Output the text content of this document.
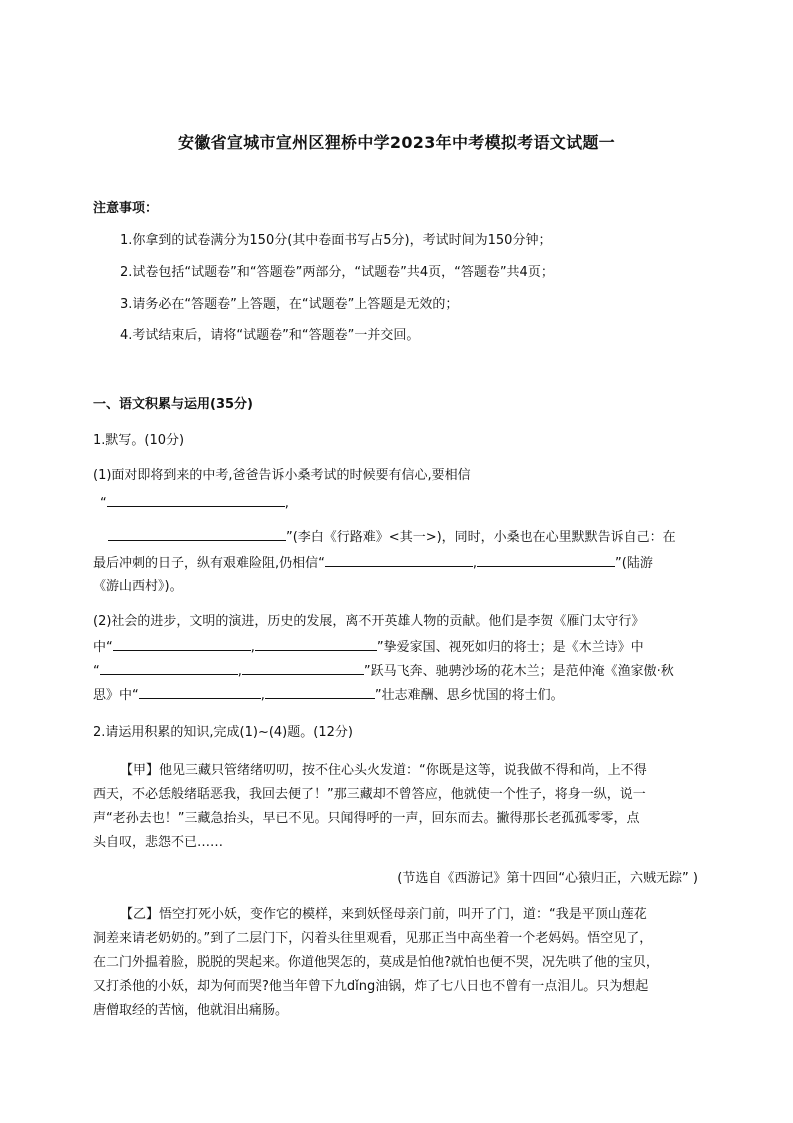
安徽省宣城市宣州区狸桥中学2023年中考模拟考语文试题一
注意事项：
1.你拿到的试卷满分为150分(其中卷面书写占5分)，考试时间为150分钟；
2.试卷包括“试题卷”和“答题卷”两部分，“试题卷”共4页，“答题卷”共4页；
3.请务必在“答题卷”上答题，在“试题卷”上答题是无效的；
4.考试结束后，请将“试题卷”和“答题卷”一并交回。
一、语文积累与运用(35分)
1.默写。(10分)
(1)面对即将到来的中考,爸爸告诉小桑考试的时候要有信心,要相信
“	,
”(李白《行路难》<其一>)，同时，小桑也在心里默默告诉自己：在
最后冲刺的日子，纵有艰难险阻,仍相信“	,	”(陆游
《游山西村》)。
(2)社会的进步，文明的演进，历史的发展，离不开英雄人物的贡献。他们是李贺《雁门太守行》
中“	,	”挚爱家国、视死如归的将士；是《木兰诗》中
“	,	”跃马飞奔、驰骋沙场的花木兰；是范仲淹《渔家傲·秋
思》中“	,	”壮志难酬、思乡忧国的将士们。
2.请运用积累的知识,完成(1)~(4)题。(12分)
【甲】他见三藏只管绪绪叨叨，按不住心头火发道：“你既是这等，说我做不得和尚，上不得
西天，不必恁般绪聒恶我，我回去便了！”那三藏却不曾答应，他就使一个性子，将身一纵，说一
声“老孙去也！”三藏急抬头，早已不见。只闻得呼的一声，回东而去。撇得那长老孤孤零零，点
头自叹，悲怨不已……
(节选自《西游记》第十四回“心猿归正，六贼无踪” )
【乙】悟空打死小妖，变作它的模样，来到妖怪母亲门前，叫开了门，道：“我是平顶山莲花
洞差来请老奶奶的。”到了二层门下，闪着头往里观看，见那正当中高坐着一个老妈妈。悟空见了，
在二门外揾着脸，脱脱的哭起来。你道他哭怎的，莫成是怕他?就怕也便不哭，况先哄了他的宝贝，
又打杀他的小妖，却为何而哭?他当年曾下九dǐng油锅，炸了七八日也不曾有一点泪儿。只为想起
唐僧取经的苦恼，他就泪出痛肠。
